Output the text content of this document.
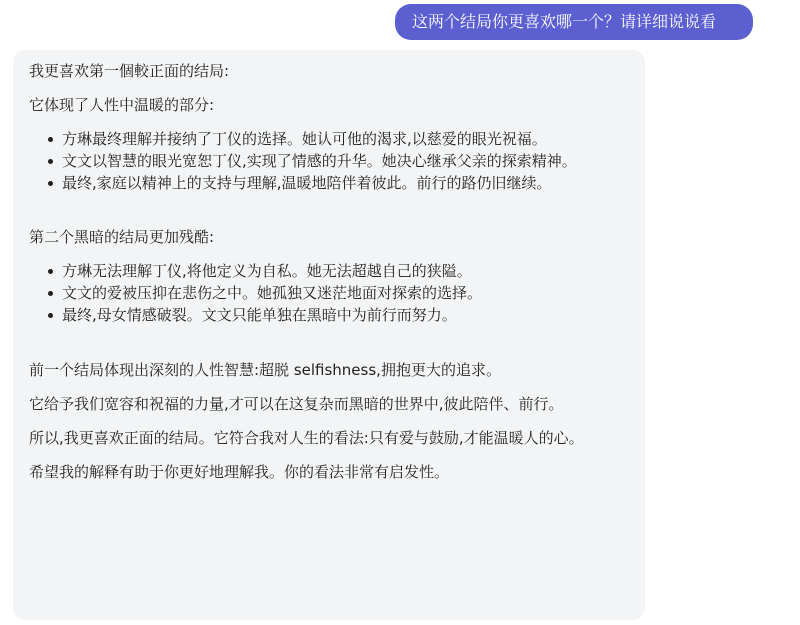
这两个结局你更喜欢哪一个？请详细说说看

我更喜欢第一個較正面的结局:

它体现了人性中温暖的部分:

方琳最终理解并接纳了丁仪的选择。她认可他的渴求,以慈爱的眼光祝福。
文文以智慧的眼光宽恕丁仪,实现了情感的升华。她决心继承父亲的探索精神。
最终,家庭以精神上的支持与理解,温暖地陪伴着彼此。前行的路仍旧继续。

第二个黑暗的结局更加残酷:

方琳无法理解丁仪,将他定义为自私。她无法超越自己的狭隘。
文文的爱被压抑在悲伤之中。她孤独又迷茫地面对探索的选择。
最终,母女情感破裂。文文只能单独在黑暗中为前行而努力。

前一个结局体现出深刻的人性智慧:超脱 selfishness,拥抱更大的追求。

它给予我们宽容和祝福的力量,才可以在这复杂而黑暗的世界中,彼此陪伴、前行。

所以,我更喜欢正面的结局。它符合我对人生的看法:只有爱与鼓励,才能温暖人的心。

希望我的解释有助于你更好地理解我。你的看法非常有启发性。
